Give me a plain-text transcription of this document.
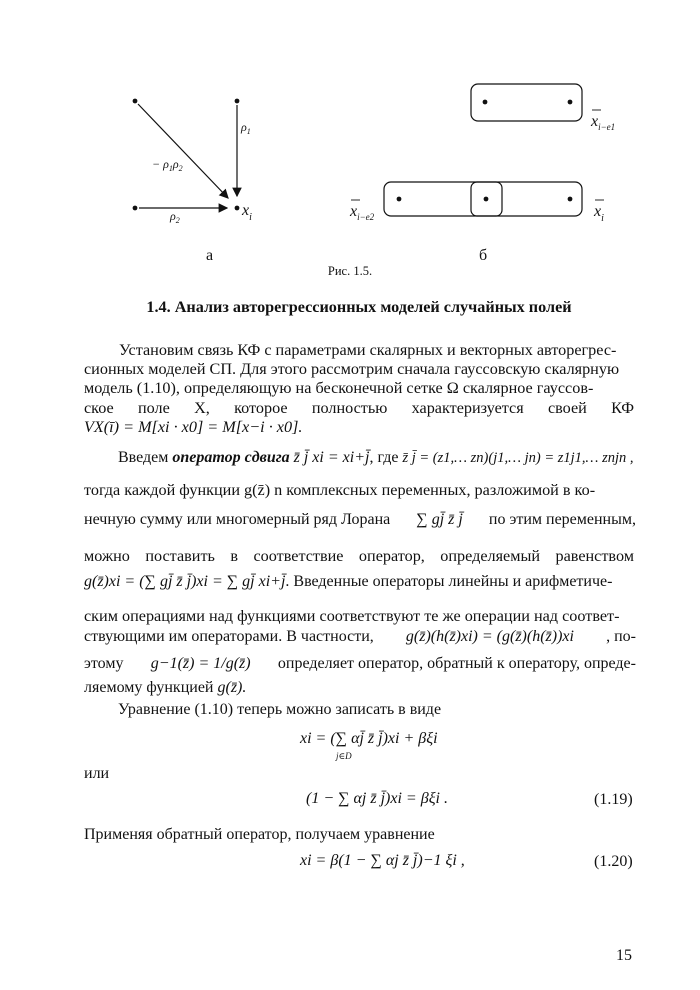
$\rho_1$
$\rho_2$
− $\rho_1\rho_2$
$x_i$
$x_{i-e1}$
$x_{i-e2}$	$x_i$
а	б
Рис. 1.5.
1.4. Анализ авторегрессионных моделей случайных полей
Установим связь КФ с параметрами скалярных и векторных авторегрес-
сионных моделей СП. Для этого рассмотрим сначала гауссовскую скалярную
модель (1.10), определяющую на бесконечной сетке Ω скалярное гауссов-
ское поле X, которое полностью характеризуется своей КФ
VX(ī) = M[xi · x0] = M[x−i · x0].
Введем оператор сдвига z̄ j̄ xi = xi+j̄, где z̄ j̄ = (z1,… zn)(j1,… jn) = z1j1,… znjn ,
тогда каждой функции g(z̄) n комплексных переменных, разложимой в ко-
нечную сумму или многомерный ряд Лорана ∑ gj̄ z̄ j̄ по этим переменным,
можно поставить в соответствие оператор, определяемый равенством
g(z̄)xi = (∑ gj̄ z̄ j̄)xi = ∑ gj̄ xi+j̄. Введенные операторы линейны и арифметиче-
ским операциями над функциями соответствуют те же операции над соответ-
ствующими им операторами. В частности, g(z̄)(h(z̄)xi) = (g(z̄)(h(z̄))xi , по-
этому g−1(z̄) = 1/g(z̄) определяет оператор, обратный к оператору, опреде-
ляемому функцией g(z̄).
Уравнение (1.10) теперь можно записать в виде
xi = (∑ αj̄ z̄ j̄)xi + βξi
j∈D
или
(1 − ∑ αj z̄ j̄)xi = βξi .	(1.19)
Применяя обратный оператор, получаем уравнение
xi = β(1 − ∑ αj z̄ j̄)−1 ξi ,	(1.20)
15
